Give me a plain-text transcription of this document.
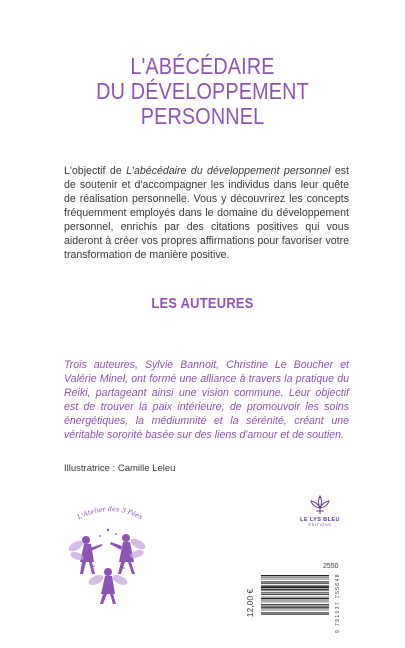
L'ABÉCÉDAIRE
DU DÉVELOPPEMENT
PERSONNEL

L'objectif de L'abécédaire du développement personnel est de soutenir et d'accompagner les individus dans leur quête de réalisation personnelle. Vous y découvrirez les concepts fréquemment employés dans le domaine du développement personnel, enrichis par des citations positives qui vous aideront à créer vos propres affirmations pour favoriser votre transformation de manière positive.

LES AUTEURES

Trois auteures, Sylvie Bannoit, Christine Le Boucher et Valérie Minel, ont formé une alliance à travers la pratique du Reiki, partageant ainsi une vision commune. Leur objectif est de trouver la paix intérieure, de promouvoir les soins énergétiques, la médiumnité et la sérénité, créant une véritable sororité basée sur des liens d'amour et de soutien.

Illustratrice : Camille Leleu
L'Atelier des 3 Fées	LE LYS BLEU
ÉDITIONS
2550
12,00 €	9 791037 755648
